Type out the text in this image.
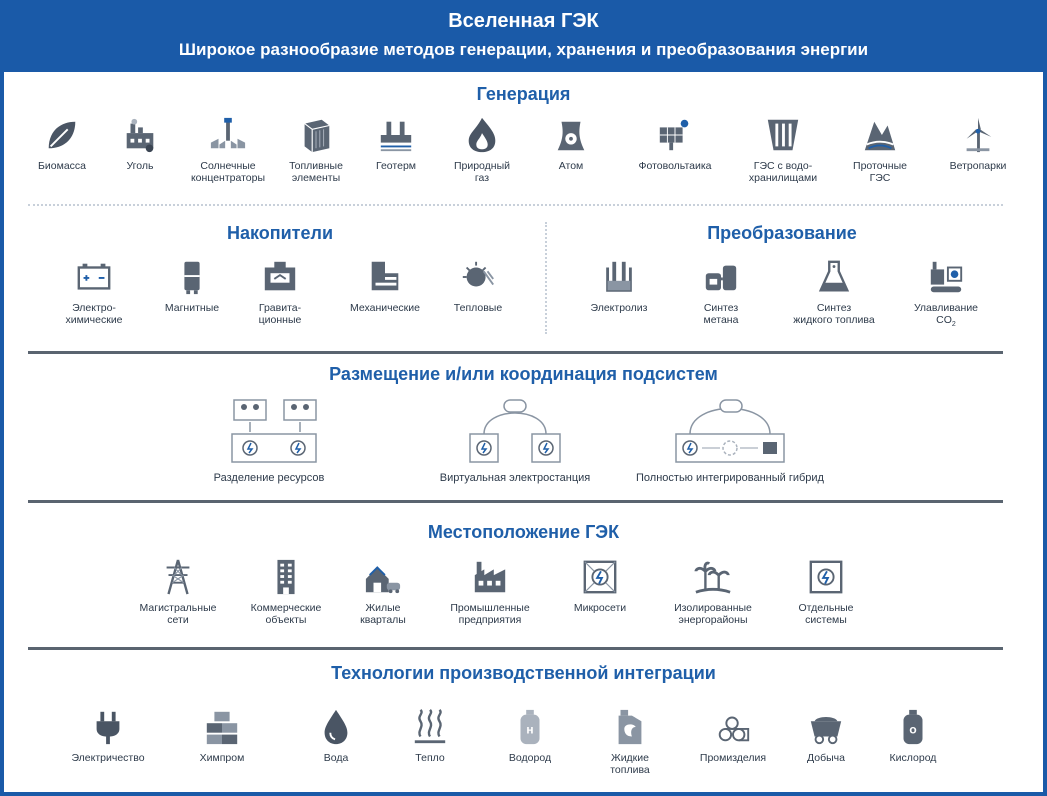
Вселенная ГЭК
Широкое разнообразие методов генерации, хранения и преобразования энергии
Генерация
Биомасса	Уголь	Солнечные
концентраторы
Топливные
элементы
Геотерм	Природный
газ
Атом	Фотовольтаика	ГЭС с водо-
хранилищами
Проточные
ГЭС
Ветропарки
Накопители
Электро-
химические
Магнитные	Гравита-
ционные
Механические	Тепловые
Преобразование
Электролиз	Синтез
метана
Синтез
жидкого топлива
Улавливание
$CO_2$
Размещение и/или координация подсистем
Разделение ресурсов	Виртуальная электростанция	Полностью интегрированный гибрид
Местоположение ГЭК
Магистральные
сети
Коммерческие
объекты
Жилые
кварталы
Промышленные
предприятия
Микросети	Изолированные
энергорайоны
Отдельные
системы
Технологии производственной интеграции
Электричество	Химпром	Вода	Тепло
H
Водород	Жидкие
топлива
Промизделия	Добыча
O
Кислород
